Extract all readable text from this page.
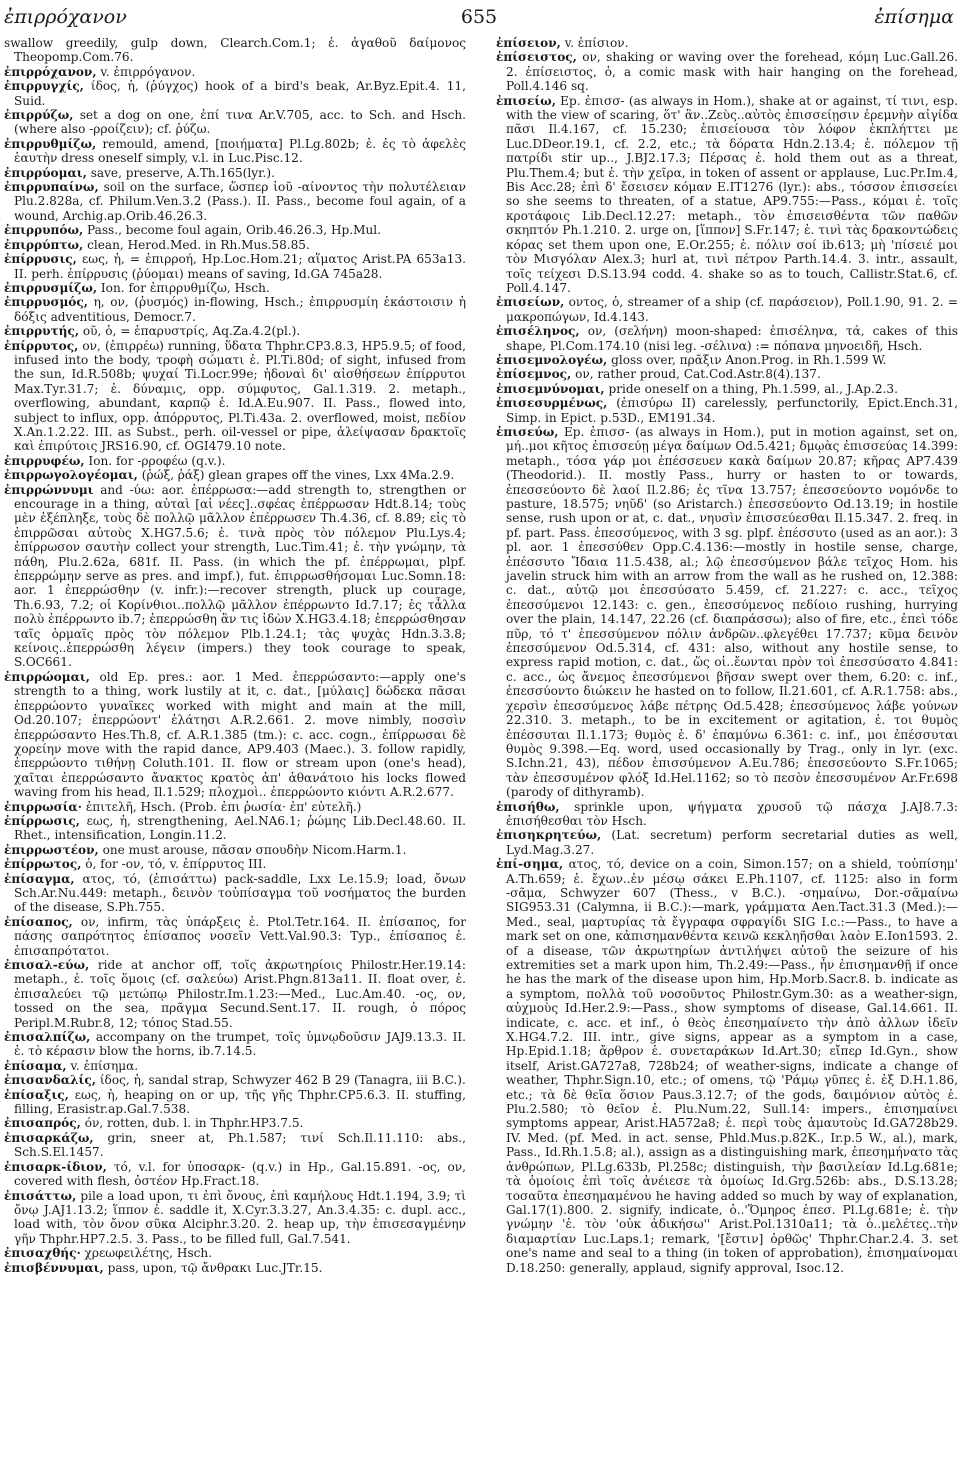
ἐπιρρόχανον	655	ἐπίσημα

swallow greedily, gulp down, Clearch.Com.1; ἐ. ἀγαθοῦ δαίμονος Theopomp.Com.76.

ἐπιρρόχανον, v. ἐπιρρόγανον.

ἐπιρρυγχίς, ίδος, ἡ, (ῥύγχος) hook of a bird's beak, Ar.Byz.Epit.4. 11, Suid.

ἐπιρρύζω, set a dog on one, ἐπί τινα Ar.V.705, acc. to Sch. and Hsch.(where also -ρροίζειν); cf. ῥύζω.

ἐπιρρυθμίζω, remould, amend, [ποιήματα] Pl.Lg.802b; ἐ. ἐς τὸ ἀφελὲς ἑαυτὴν dress oneself simply, v.l. in Luc.Pisc.12.

ἐπιρρύομαι, save, preserve, A.Th.165(lyr.).

ἐπιρρυπαίνω, soil on the surface, ὥσπερ ἰοῦ -αίνοντος τὴν πολυτέλειαν Plu.2.828a, cf. Philum.Ven.3.2 (Pass.). II. Pass., become foul again, of a wound, Archig.ap.Orib.46.26.3.

ἐπιρρυπόω, Pass., become foul again, Orib.46.26.3, Hp.Mul.

ἐπιρρύπτω, clean, Herod.Med. in Rh.Mus.58.85.

ἐπίρρυσις, εως, ἡ, = ἐπιρροή, Hp.Loc.Hom.21; αἵματος Arist.PA 653a13. II. perh. ἐπίρρυσις (ῥύομαι) means of saving, Id.GA 745a28.

ἐπιρρυσμίζω, Ion. for ἐπιρρυθμίζω, Hsch.

ἐπιρρυσμός, η, ον, (ῥυσμός) in-flowing, Hsch.; ἐπιρρυσμίη ἑκάστοισιν ἡ δόξις adventitious, Democr.7.

ἐπιρρυτής, οῦ, ὁ, = ἐπαρυστρίς, Aq.Za.4.2(pl.).

ἐπίρρυτος, ον, (ἐπιρρέω) running, ὕδατα Thphr.CP3.8.3, HP5.9.5; of food, infused into the body, τροφὴ σώματι ἐ. Pl.Ti.80d; of sight, infused from the sun, Id.R.508b; ψυχαί Ti.Locr.99e; ἡδοναὶ δι' αἰσθήσεων ἐπίρρυτοι Max.Tyr.31.7; ἐ. δύναμις, opp. σύμφυτος, Gal.1.319. 2. metaph., overflowing, abundant, καρπῷ ἐ. Id.A.Eu.907. II. Pass., flowed into, subject to influx, opp. ἀπόρρυτος, Pl.Ti.43a. 2. overflowed, moist, πεδίον X.An.1.2.22. III. as Subst., perh. oil-vessel or pipe, ἀλείψασαν δρακτοῖς καὶ ἐπιρύτοις JRS16.90, cf. OGI479.10 note.

ἐπιρρυφέω, Ion. for -ρροφέω (q.v.).

ἐπιρρωγολογέομαι, (ῥώξ, ῥάξ) glean grapes off the vines, Lxx 4Ma.2.9.

ἐπιρρώννυμι and -ύω: aor. ἐπέρρωσα:—add strength to, strengthen or encourage in a thing, αὐταὶ [αἱ νέες]..σφέας ἐπέρρωσαν Hdt.8.14; τοὺς μὲν ἐξέπληξε, τοὺς δὲ πολλῷ μᾶλλον ἐπέρρωσεν Th.4.36, cf. 8.89; εἰς τὸ ἐπιρρῶσαι αὐτοὺς X.HG7.5.6; ἐ. τινὰ πρὸς τὸν πόλεμον Plu.Lys.4; ἐπίρρωσον σαυτὴν collect your strength, Luc.Tim.41; ἐ. τὴν γνώμην, τὰ πάθη, Plu.2.62a, 681f. II. Pass. (in which the pf. ἐπέρρωμαι, plpf. ἐπερρώμην serve as pres. and impf.), fut. ἐπιρρωσθήσομαι Luc.Somn.18: aor. 1 ἐπερρώσθην (v. infr.):—recover strength, pluck up courage, Th.6.93, 7.2; οἱ Κορίνθιοι..πολλῷ μᾶλλον ἐπέρρωντο Id.7.17; ἐς τἆλλα πολὺ ἐπέρρωντο ib.7; ἐπερρώσθη ἂν τις ἰδὼν X.HG3.4.18; ἐπερρώσθησαν ταῖς ὁρμαῖς πρὸς τὸν πόλεμον Plb.1.24.1; τὰς ψυχὰς Hdn.3.3.8; κείνοις..ἐπερρώσθη λέγειν (impers.) they took courage to speak, S.OC661.

ἐπιρρώομαι, old Ep. pres.: aor. 1 Med. ἐπερρώσαντο:—apply one's strength to a thing, work lustily at it, c. dat., [μύλαις] δώδεκα πᾶσαι ἐπερρώοντο γυναῖκες worked with might and main at the mill, Od.20.107; ἐπερρώοντ' ἐλάτησι A.R.2.661. 2. move nimbly, ποσσὶν ἐπερρώσαντο Hes.Th.8, cf. A.R.1.385 (tm.): c. acc. cogn., ἐπίρρωσαι δὲ χορείην move with the rapid dance, AP9.403 (Maec.). 3. follow rapidly, ἐπερρώοντο τιθήνῃ Coluth.101. II. flow or stream upon (one's head), χαῖται ἐπερρώσαντο ἄνακτος κρατὸς ἀπ' ἀθανάτοιο his locks flowed waving from his head, Il.1.529; πλοχμοὶ.. ἐπερρώοντο κιόντι A.R.2.677.

ἐπιρρωσία· ἐπιτελῆ, Hsch. (Prob. ἐπι ῥωσία· ἐπ' εὐτελῆ.)

ἐπίρρωσις, εως, ἡ, strengthening, Ael.NA6.1; ῥώμης Lib.Decl.48.60. II. Rhet., intensification, Longin.11.2.

ἐπιρρωστέον, one must arouse, πᾶσαν σπουδὴν Nicom.Harm.1.

ἐπίρρωτος, ὁ, for -ον, τό, v. ἐπίρρυτος III.

ἐπίσαγμα, ατος, τό, (ἐπισάττω) pack-saddle, Lxx Le.15.9; load, ὄνων Sch.Ar.Nu.449: metaph., δεινὸν τοὐπίσαγμα τοῦ νοσήματος the burden of the disease, S.Ph.755.

ἐπίσαπος, ον, infirm, τὰς ὑπάρξεις ἐ. Ptol.Tetr.164. II. ἐπίσαπος, for πάσης σαπρότητος ἐπίσαπος νοσεῖν Vett.Val.90.3: Typ., ἐπίσαπος ἐ. ἐπισαπρότατοι.

ἐπισαλ-εύω, ride at anchor off, τοῖς ἀκρωτηρίοις Philostr.Her.19.14: metaph., ἐ. τοῖς ὅμοις (cf. σαλεύω) Arist.Phgn.813a11. II. float over, ἐ. ἐπισαλεύει τῷ μετώπῳ Philostr.Im.1.23:—Med., Luc.Am.40. -ος, ον, tossed on the sea, πρᾶγμα Secund.Sent.17. II. rough, ὁ πόρος Peripl.M.Rubr.8, 12; τόπος Stad.55.

ἐπισαλπίζω, accompany on the trumpet, τοῖς ὑμνῳδοῦσιν JAJ9.13.3. II. ἐ. τὸ κέρασιν blow the horns, ib.7.14.5.

ἐπίσαμα, v. ἐπίσημα.

ἐπισανδαλίς, ίδος, ἡ, sandal strap, Schwyzer 462 B 29 (Tanagra, iii B.C.).

ἐπίσαξις, εως, ἡ, heaping on or up, τῆς γῆς Thphr.CP5.6.3. II. stuffing, filling, Erasistr.ap.Gal.7.538.

ἐπισαπρός, όν, rotten, dub. l. in Thphr.HP3.7.5.

ἐπισαρκάζω, grin, sneer at, Ph.1.587; τινί Sch.Il.11.110: abs., Sch.S.El.1457.

ἐπισαρκ-ίδιον, τό, v.l. for ὑποσαρκ- (q.v.) in Hp., Gal.15.891. -ος, ον, covered with flesh, ὀστέον Hp.Fract.18.

ἐπισάττω, pile a load upon, τι ἐπὶ ὄνους, ἐπὶ καμήλους Hdt.1.194, 3.9; τὶ ὄνῳ J.AJ1.13.2; ἵππον ἐ. saddle it, X.Cyr.3.3.27, An.3.4.35: c. dupl. acc., load with, τὸν ὄνον σῦκα Alciphr.3.20. 2. heap up, τὴν ἐπισεσαγμένην γῆν Thphr.HP7.2.5. 3. Pass., to be filled full, Gal.7.541.

ἐπισαχθής· χρεωφειλέτης, Hsch.

ἐπισβέννυμαι, pass, upon, τῷ ἄνθρακι Luc.JTr.15.

ἐπίσειον, v. ἐπίσιον.

ἐπίσειστος, ον, shaking or waving over the forehead, κόμη Luc.Gall.26. 2. ἐπίσειστος, ὁ, a comic mask with hair hanging on the forehead, Poll.4.146 sq.

ἐπισείω, Ep. ἐπισσ- (as always in Hom.), shake at or against, τί τινι, esp. with the view of scaring, ὅτ' ἂν..Ζεὺς..αὐτὸς ἐπισσείῃσιν ἐρεμνὴν αἰγίδα πᾶσι Il.4.167, cf. 15.230; ἐπισείουσα τὸν λόφον ἐκπλήττει με Luc.DDeor.19.1, cf. 2.2, etc.; τὰ δόρατα Hdn.2.13.4; ἐ. πόλεμον τῇ πατρίδι stir up.., J.BJ2.17.3; Πέρσας ἐ. hold them out as a threat, Plu.Them.4; but ἐ. τὴν χεῖρα, in token of assent or applause, Luc.Pr.Im.4, Bis Acc.28; ἐπὶ δ' ἔσεισεν κόμαν E.IT1276 (lyr.): abs., τόσσον ἐπισσείει so she seems to threaten, of a statue, AP9.755:—Pass., κόμαι ἐ. τοῖς κροτάφοις Lib.Decl.12.27: metaph., τὸν ἐπισεισθέντα τῶν παθῶν σκηπτόν Ph.1.210. 2. urge on, [ἵππον] S.Fr.147; ἐ. τινὶ τὰς δρακοντώδεις κόρας set them upon one, E.Or.255; ἐ. πόλιν σοί ib.613; μὴ 'πίσειέ μοι τὸν Μισγόλαν Alex.3; hurl at, τινὶ πέτρον Parth.14.4. 3. intr., assault, τοῖς τείχεσι D.S.13.94 codd. 4. shake so as to touch, Callistr.Stat.6, cf. Poll.4.147.

ἐπισείων, οντος, ὁ, streamer of a ship (cf. παράσειον), Poll.1.90, 91. 2. = μακροπώγων, Id.4.143.

ἐπισέληνος, ον, (σελήνη) moon-shaped: ἐπισέληνα, τά, cakes of this shape, Pl.Com.174.10 (nisi leg. -σέλινα) := πόπανα μηνοειδῆ, Hsch.

ἐπισεμνολογέω, gloss over, πρᾶξιν Anon.Prog. in Rh.1.599 W.

ἐπίσεμνος, ον, rather proud, Cat.Cod.Astr.8(4).137.

ἐπισεμνύνομαι, pride oneself on a thing, Ph.1.599, al., J.Ap.2.3.

ἐπισεσυρμένως, (ἐπισύρω II) carelessly, perfunctorily, Epict.Ench.31, Simp. in Epict. p.53D., EM191.34.

ἐπισεύω, Ep. ἐπισσ- (as always in Hom.), put in motion against, set on, μή..μοι κῆτος ἐπισσεύῃ μέγα δαίμων Od.5.421; δμῳὰς ἐπισσεύας 14.399: metaph., τόσα γάρ μοι ἐπέσσευεν κακὰ δαίμων 20.87; κῆρας AP7.439 (Theodorid.). II. mostly Pass., hurry or hasten to or towards, ἐπεσσεύοντο δὲ λαοί Il.2.86; ἐς τῖνα 13.757; ἐπεσσεύοντο νομόνδε to pasture, 18.575; νηῦδ' (so Aristarch.) ἐπεσσεύοντο Od.13.19; in hostile sense, rush upon or at, c. dat., νηυσὶν ἐπισσεύεσθαι Il.15.347. 2. freq. in pf. part. Pass. ἐπεσσύμενος, with 3 sg. plpf. ἐπέσσυτο (used as an aor.): 3 pl. aor. 1 ἐπεσσύθεν Opp.C.4.136:—mostly in hostile sense, charge, ἐπέσσυτο Ἴδαια 11.5.438, al.; λῷ ἐπεσσύμενον βάλε τεῖχος Hom. his javelin struck him with an arrow from the wall as he rushed on, 12.388: c. dat., αὐτῷ μοι ἐπεσσύσατο 5.459, cf. 21.227: c. acc., τεῖχος ἐπεσσύμενοι 12.143: c. gen., ἐπεσσύμενος πεδίοιο rushing, hurrying over the plain, 14.147, 22.26 (cf. διαπράσσω); also of fire, etc., ἐπεὶ τόδε πῦρ, τό τ' ἐπεσσύμενον πόλιν ἀνδρῶν..φλεγέθει 17.737; κῦμα δεινὸν ἐπεσσύμενον Od.5.314, cf. 431: also, without any hostile sense, to express rapid motion, c. dat., ὥς οἱ..ἔωνται πρὸν τοὶ ἐπεσσύσατο 4.841: c. acc., ὡς ἄνεμος ἐπεσσύμενοι βῆσαν swept over them, 6.20: c. inf., ἐπεσσύοντο διώκειν he hasted on to follow, Il.21.601, cf. A.R.1.758: abs., χερσὶν ἐπεσσύμενος λάβε πέτρης Od.5.428; ἐπεσσύμενος λάβε γούνων 22.310. 3. metaph., to be in excitement or agitation, ἐ. τοι θυμὸς ἐπέσσυται Il.1.173; θυμὸς ἐ. δ' ἐπαμύνω 6.361: c. inf., μοι ἐπέσσυται θυμὸς 9.398.—Eq. word, used occasionally by Trag., only in lyr. (exc. S.Ichn.21, 43), πέδον ἐπισσύμενον A.Eu.786; ἐπεσσεύοντο S.Fr.1065; τὰν ἐπεσσυμένον φλόξ Id.Hel.1162; so τὸ πεσὸν ἐπεσσυμένον Ar.Fr.698 (parody of dithyramb).

ἐπισήθω, sprinkle upon, ψήγματα χρυσοῦ τῷ πάσχα J.AJ8.7.3: ἐπισήθεσθαι τὸν Hsch.

ἐπισηκρητεύω, (Lat. secretum) perform secretarial duties as well, Lyd.Mag.3.27.

ἐπί-σημα, ατος, τό, device on a coin, Simon.157; on a shield, τοὐπίσημ' A.Th.659; ἐ. ἔχων..ἐν μέσῳ σάκει E.Ph.1107, cf. 1125: also in form -σᾶμα, Schwyzer 607 (Thess., v B.C.). -σημαίνω, Dor.-σᾶμαίνω SIG953.31 (Calymna, ii B.C.):—mark, γράμματα Aen.Tact.31.3 (Med.):—Med., seal, μαρτυρίας τὰ ἔγγραφα σφραγίδι SIG I.c.:—Pass., to have a mark set on one, κἀπισημανθέντα κεινῶ κεκληῆσθαι λαὸν E.Ion1593. 2. of a disease, τῶν ἀκρωτηρίων ἀντιλήψει αὐτοῦ the seizure of his extremities set a mark upon him, Th.2.49:—Pass., ἦν ἐπισημανθῇ if once he has the mark of the disease upon him, Hp.Morb.Sacr.8. b. indicate as a symptom, πολλὰ τοῦ νοσοῦντος Philostr.Gym.30: as a weather-sign, αὐχμοὺς Id.Her.2.9:—Pass., show symptoms of disease, Gal.14.661. II. indicate, c. acc. et inf., ὁ θεὸς ἐπεσημαίνετο τὴν ἀπὸ ἀλλων ἰδεῖν X.HG4.7.2. III. intr., give signs, appear as a symptom in a case, Hp.Epid.1.18; ἄρθρον ἐ. συνεταράκων Id.Art.30; εἴπερ Id.Gyn., show itself, Arist.GA727a8, 728b24; of weather-signs, indicate a change of weather, Thphr.Sign.10, etc.; of omens, τῷ 'Ράμῳ γῦπες ἐ. ἐξ D.H.1.86, etc.; τὰ δὲ θεῖα ὅσιον Paus.3.12.7; of the gods, δαιμόνιον αὐτὸς ἐ. Plu.2.580; τὸ θεῖον ἐ. Plu.Num.22, Sull.14: impers., ἐπισημαίνει symptoms appear, Arist.HA572a8; ἐ. περὶ τοὺς ἀμαυτοὺς Id.GA728b29. IV. Med. (pf. Med. in act. sense, Phld.Mus.p.82K., Ir.p.5 W., al.), mark, Pass., Id.Rh.1.5.8; al.), assign as a distinguishing mark, ἐπεσημήνατο τὰς ἀνθρώπων, Pl.Lg.633b, Pl.258c; distinguish, τὴν βασιλείαν Id.Lg.681e; τὰ ὁμοίοις ἐπὶ τοῖς ἀνέιεσε τὰ ὁμοίως Id.Grg.526b: abs., D.S.13.28; τοσαῦτα ἐπεσημαμένου he having added so much by way of explanation, Gal.17(1).800. 2. signify, indicate, ὁ..'Ὅμηρος ἐπεσ. Pl.Lg.681e; ἐ. τὴν γνώμην 'ἐ. τὸν 'οὐκ ἀδικήσω'' Arist.Pol.1310a11; τὰ ὁ..μελέτες..τὴν διαμαρτίαν Luc.Laps.1; remark, '[ἔστιν] ὀρθῶς' Thphr.Char.2.4. 3. set one's name and seal to a thing (in token of approbation), ἐπισημαίνομαι D.18.250: generally, applaud, signify approval, Isoc.12.
